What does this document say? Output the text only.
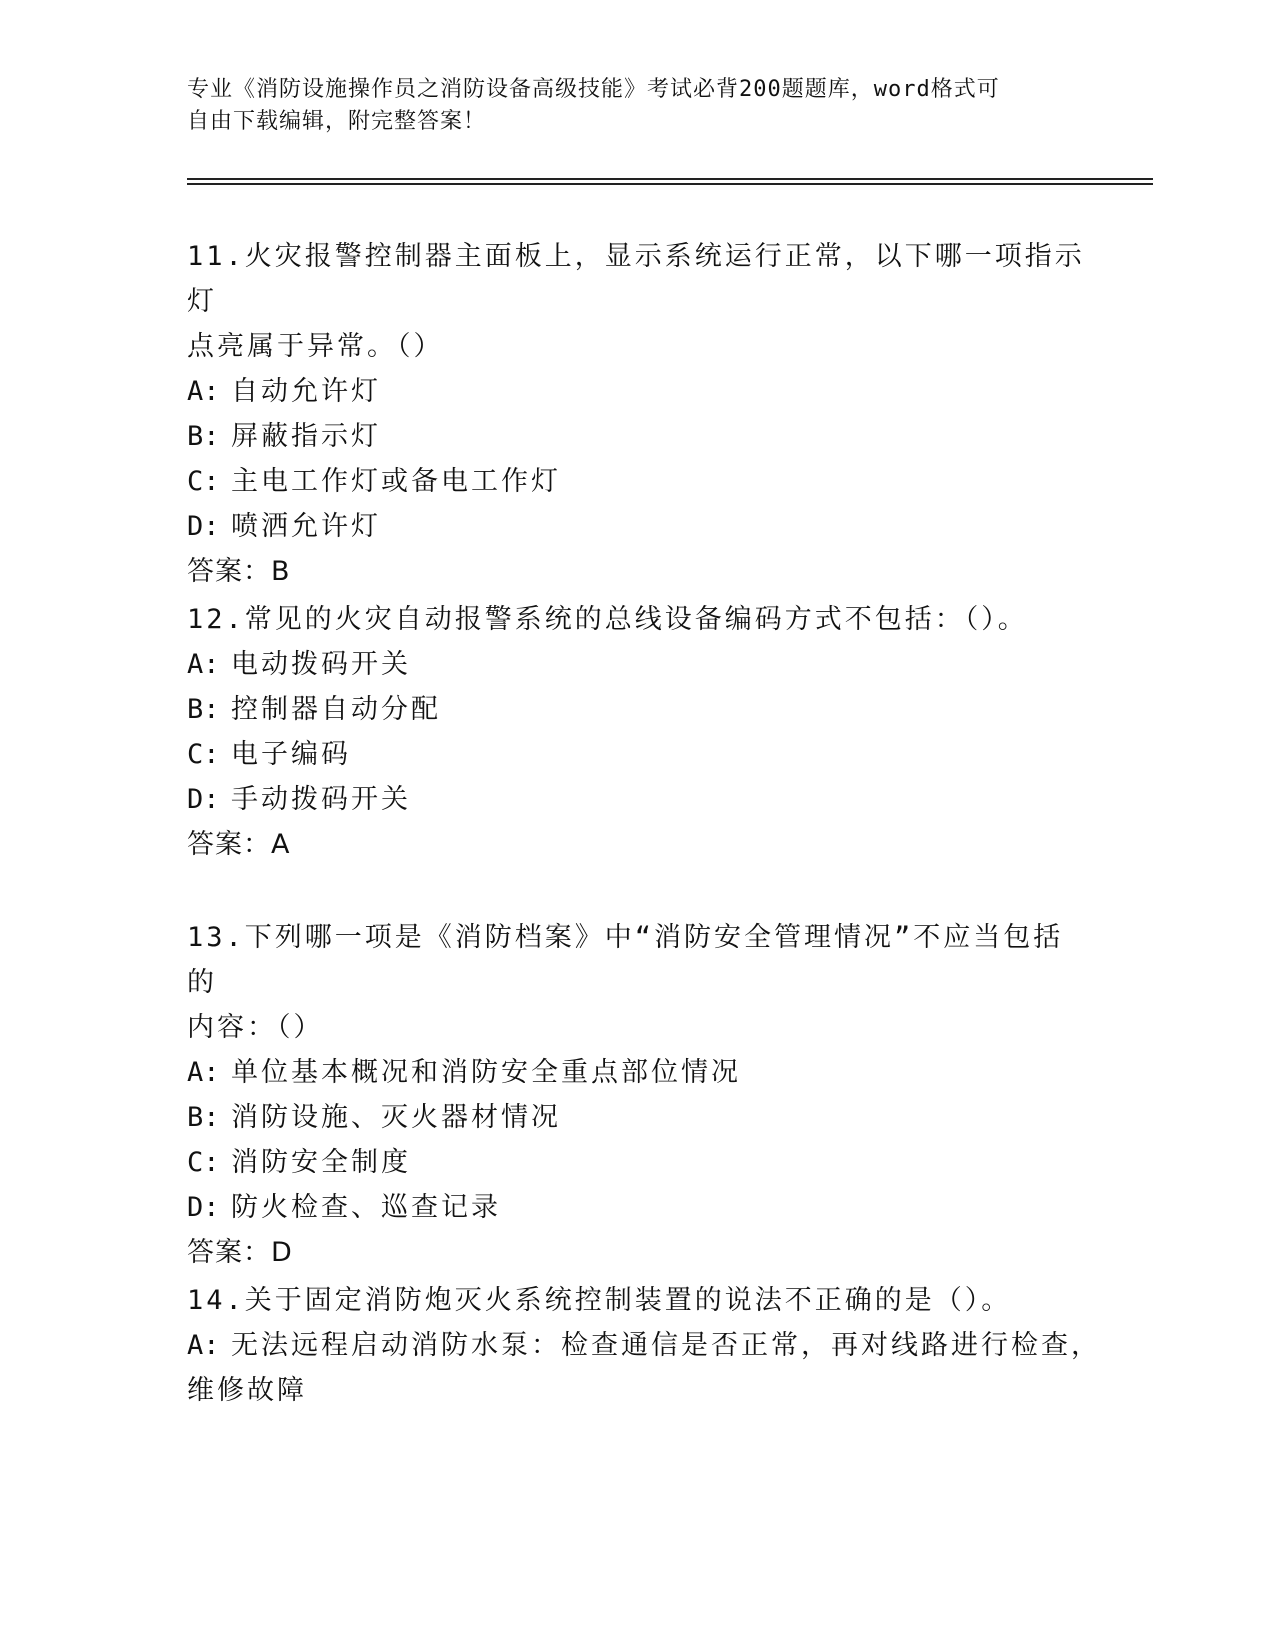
专业《消防设施操作员之消防设备高级技能》考试必背200题题库，word格式可
自由下载编辑，附完整答案！

11.火灾报警控制器主面板上，显示系统运行正常，以下哪一项指示灯

点亮属于异常。（）

A: 自动允许灯

B: 屏蔽指示灯

C: 主电工作灯或备电工作灯

D: 喷洒允许灯

答案：B

12.常见的火灾自动报警系统的总线设备编码方式不包括：（）。

A: 电动拨码开关

B: 控制器自动分配

C: 电子编码

D: 手动拨码开关

答案：A

13.下列哪一项是《消防档案》中“消防安全管理情况”不应当包括的

内容：（）

A: 单位基本概况和消防安全重点部位情况

B: 消防设施、灭火器材情况

C: 消防安全制度

D: 防火检查、巡查记录

答案：D

14.关于固定消防炮灭火系统控制装置的说法不正确的是（）。

A: 无法远程启动消防水泵：检查通信是否正常，再对线路进行检查，

维修故障
